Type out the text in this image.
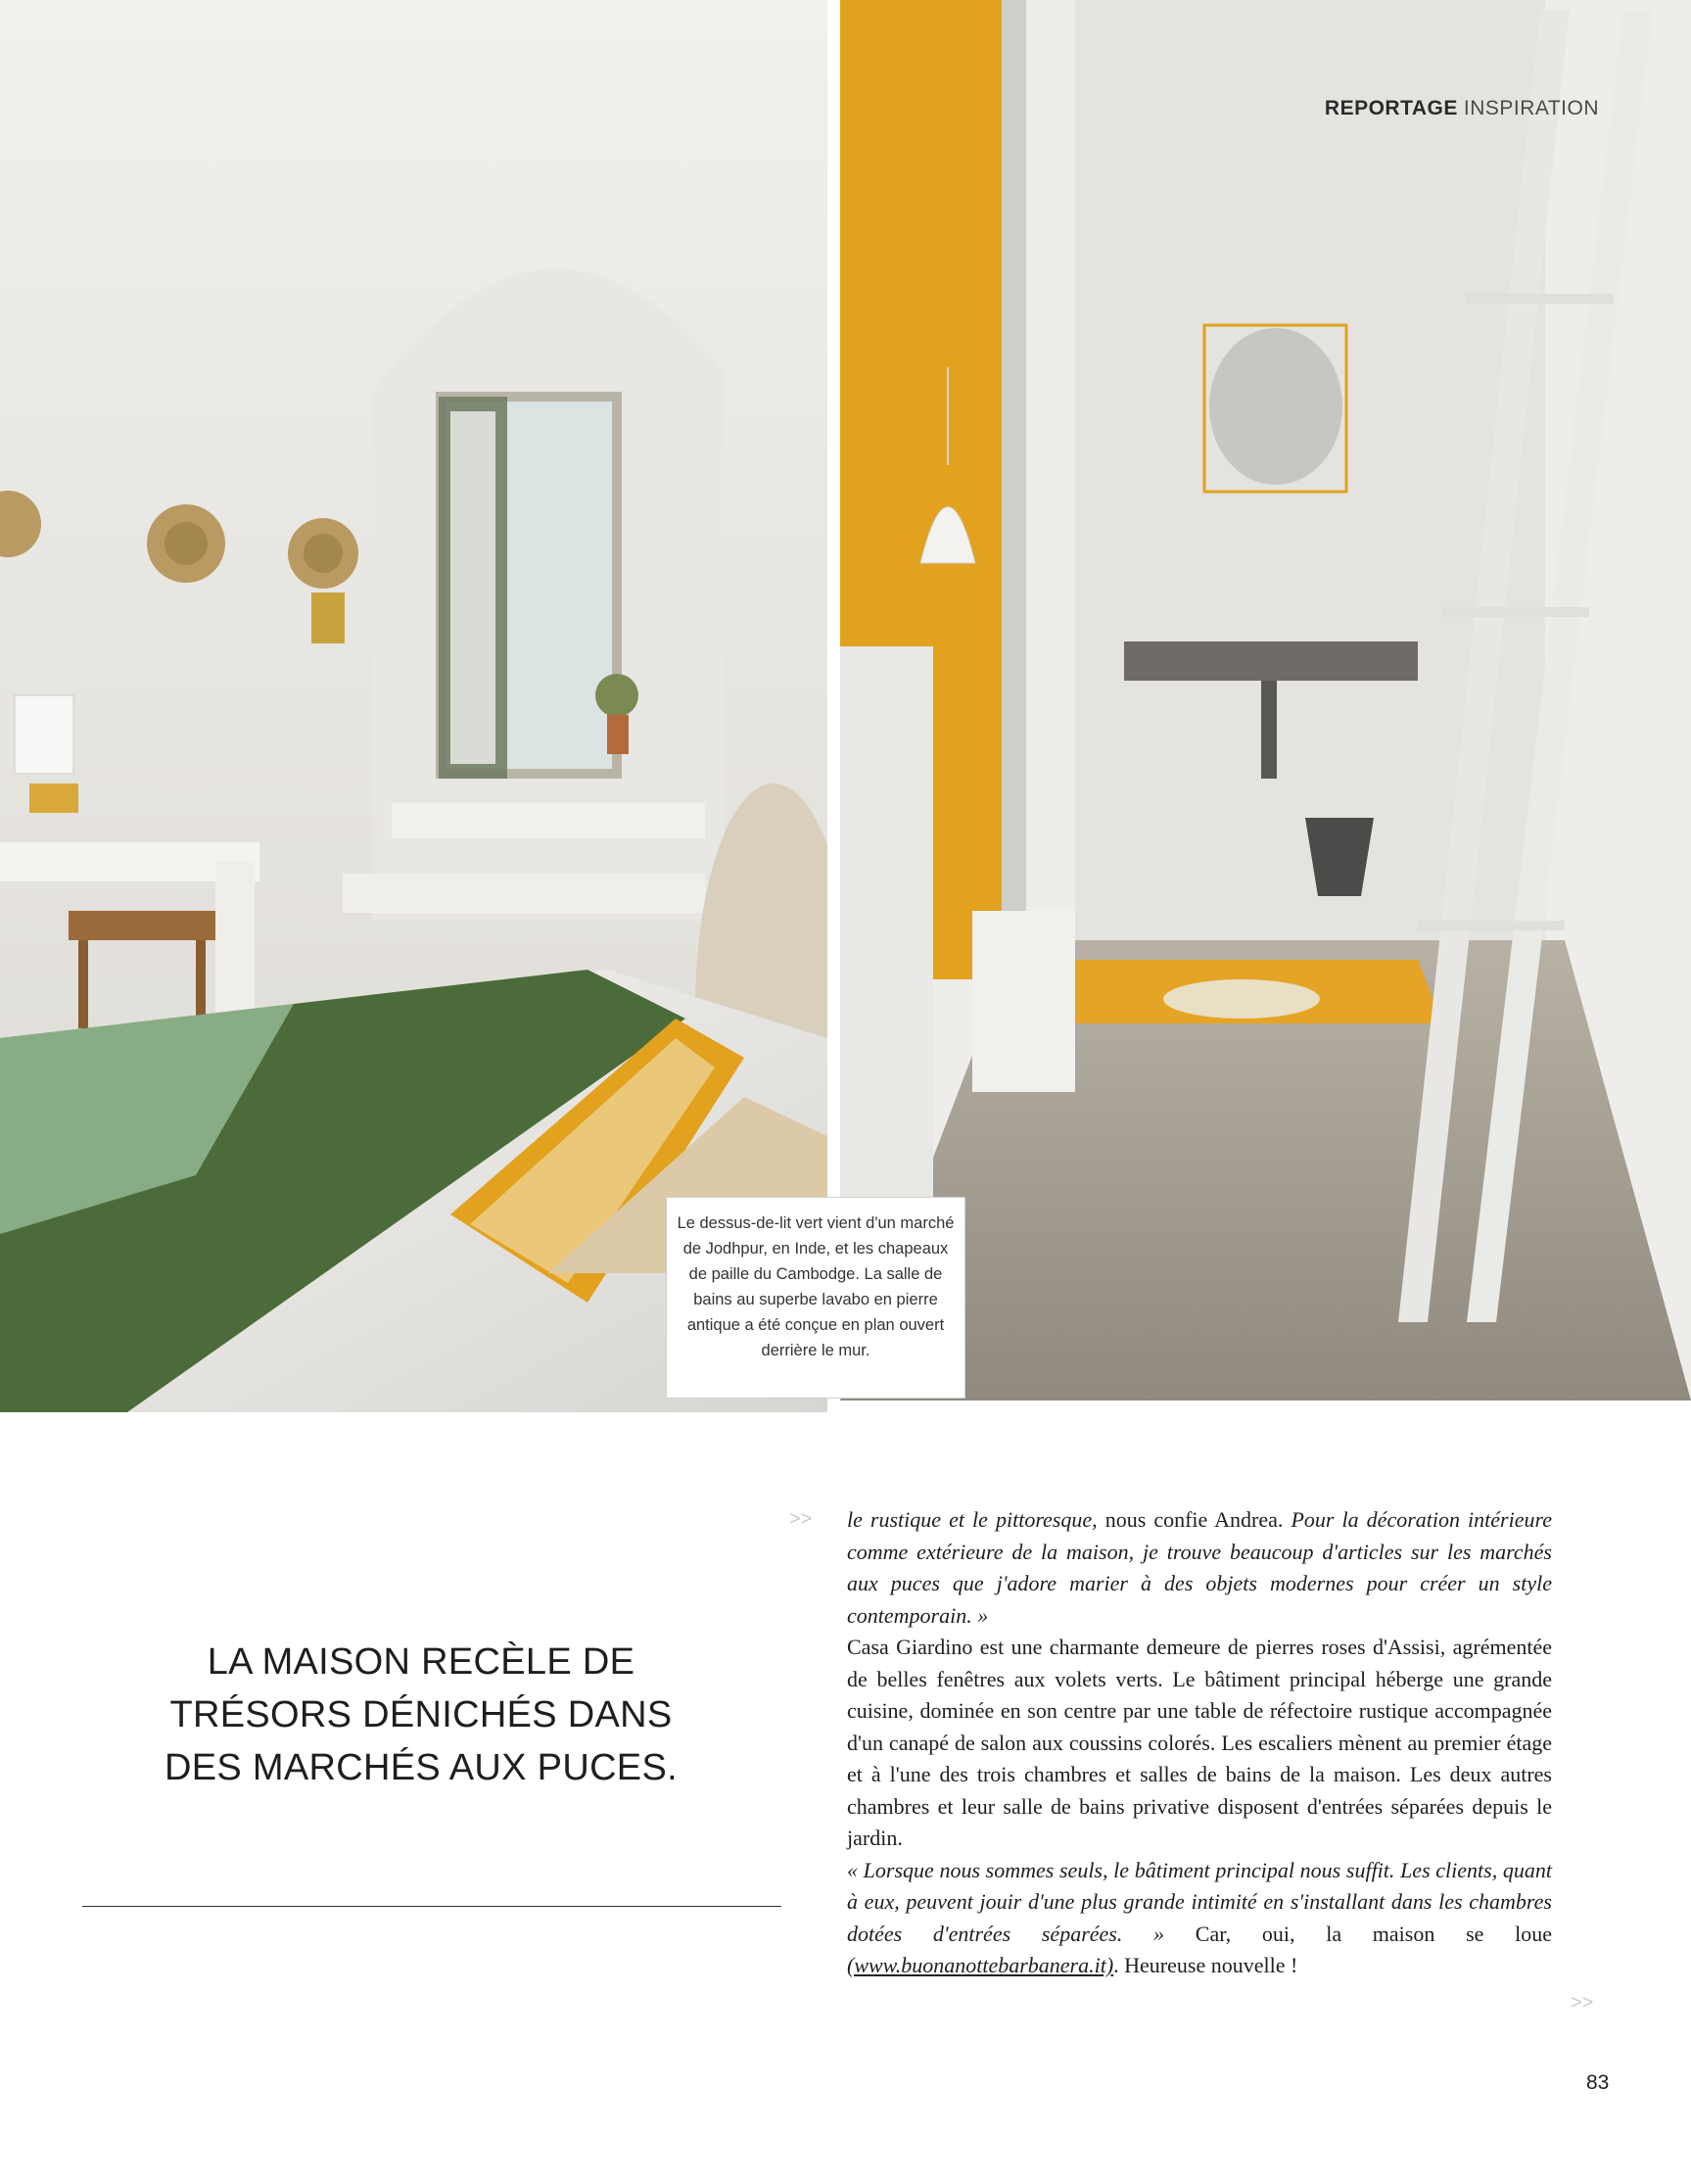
REPORTAGE INSPIRATION
Le dessus-de-lit vert vient d'un marché de Jodhpur, en Inde, et les chapeaux de paille du Cambodge. La salle de bains au superbe lavabo en pierre antique a été conçue en plan ouvert derrière le mur.
LA MAISON RECÈLE DE TRÉSORS DÉNICHÉS DANS DES MARCHÉS AUX PUCES.
>> le rustique et le pittoresque, nous confie Andrea. Pour la décoration intérieure comme extérieure de la maison, je trouve beaucoup d'articles sur les marchés aux puces que j'adore marier à des objets modernes pour créer un style contemporain. »

Casa Giardino est une charmante demeure de pierres roses d'Assisi, agrémentée de belles fenêtres aux volets verts. Le bâtiment principal héberge une grande cuisine, dominée en son centre par une table de réfectoire rustique accompagnée d'un canapé de salon aux coussins colorés. Les escaliers mènent au premier étage et à l'une des trois chambres et salles de bains de la maison. Les deux autres chambres et leur salle de bains privative disposent d'entrées séparées depuis le jardin.

« Lorsque nous sommes seuls, le bâtiment principal nous suffit. Les clients, quant à eux, peuvent jouir d'une plus grande intimité en s'installant dans les chambres dotées d'entrées séparées. » Car, oui, la maison se loue (www.buonanottebarbanera.it). Heureuse nouvelle !

>>
83
